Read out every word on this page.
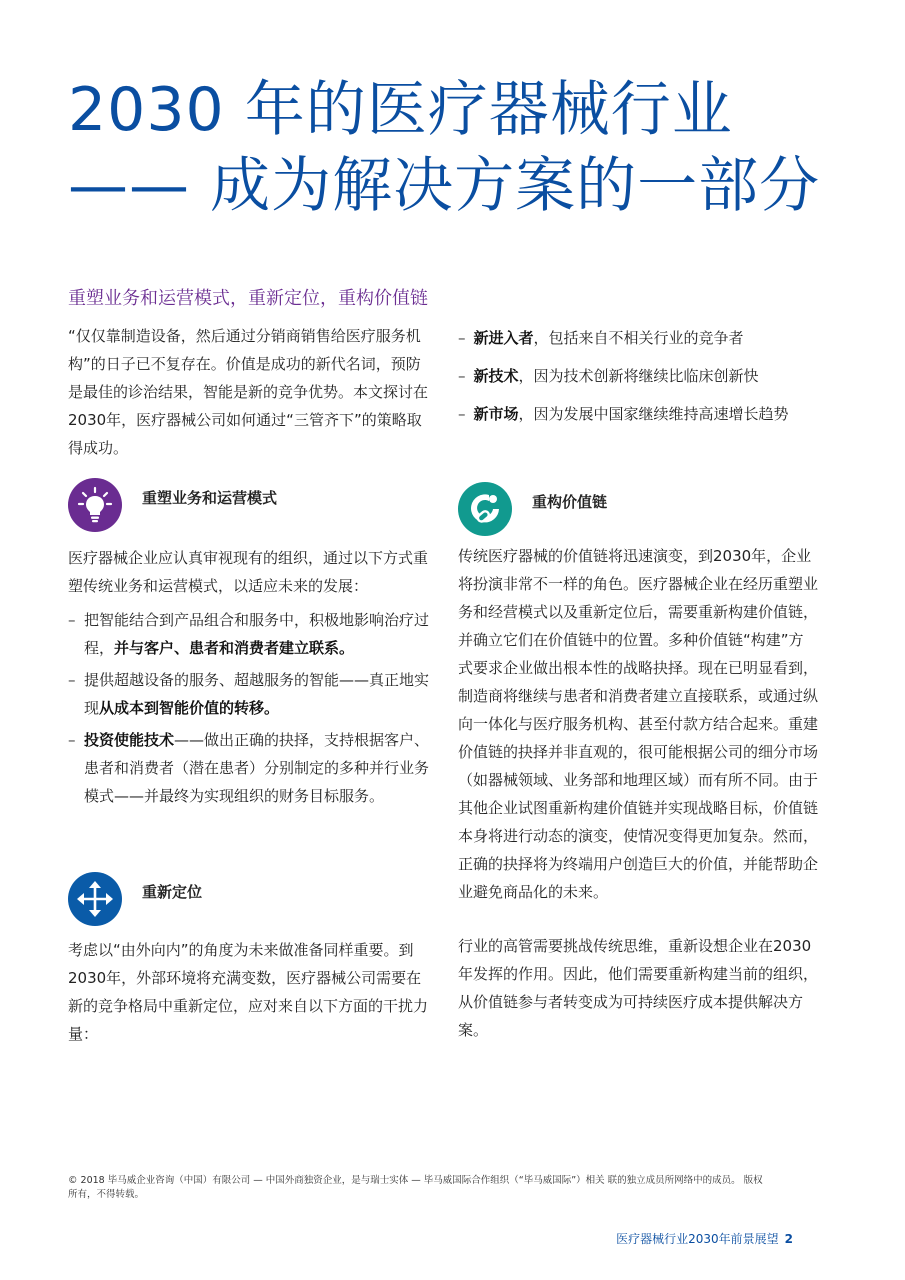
2030 年的医疗器械行业
—— 成为解决方案的一部分
重塑业务和运营模式，重新定位，重构价值链

“仅仅靠制造设备，然后通过分销商销售给医疗服务机构”的日子已不复存在。价值是成功的新代名词，预防是最佳的诊治结果，智能是新的竞争优势。本文探讨在2030年，医疗器械公司如何通过“三管齐下”的策略取得成功。

– 新进入者，包括来自不相关行业的竞争者
– 新技术，因为技术创新将继续比临床创新快
– 新市场，因为发展中国家继续维持高速增长趋势
重塑业务和运营模式

医疗器械企业应认真审视现有的组织，通过以下方式重塑传统业务和运营模式，以适应未来的发展：

– 把智能结合到产品组合和服务中，积极地影响治疗过程，并与客户、患者和消费者建立联系。
– 提供超越设备的服务、超越服务的智能——真正地实现从成本到智能价值的转移。
– 投资使能技术——做出正确的抉择，支持根据客户、患者和消费者（潜在患者）分别制定的多种并行业务模式——并最终为实现组织的财务目标服务。
重新定位

考虑以“由外向内”的角度为未来做准备同样重要。到2030年，外部环境将充满变数，医疗器械公司需要在新的竞争格局中重新定位，应对来自以下方面的干扰力量：

重构价值链

传统医疗器械的价值链将迅速演变，到2030年，企业将扮演非常不一样的角色。医疗器械企业在经历重塑业务和经营模式以及重新定位后，需要重新构建价值链，并确立它们在价值链中的位置。多种价值链“构建”方式要求企业做出根本性的战略抉择。现在已明显看到，制造商将继续与患者和消费者建立直接联系，或通过纵向一体化与医疗服务机构、甚至付款方结合起来。重建价值链的抉择并非直观的，很可能根据公司的细分市场（如器械领域、业务部和地理区域）而有所不同。由于其他企业试图重新构建价值链并实现战略目标，价值链本身将进行动态的演变，使情况变得更加复杂。然而，正确的抉择将为终端用户创造巨大的价值，并能帮助企业避免商品化的未来。

行业的高管需要挑战传统思维，重新设想企业在2030年发挥的作用。因此，他们需要重新构建当前的组织，从价值链参与者转变成为可持续医疗成本提供解决方案。

© 2018 毕马威企业咨询（中国）有限公司 — 中国外商独资企业，是与瑞士实体 — 毕马威国际合作组织（“毕马威国际”）相关 联的独立成员所网络中的成员。 版权所有，不得转载。
医疗器械行业2030年前景展望 2
